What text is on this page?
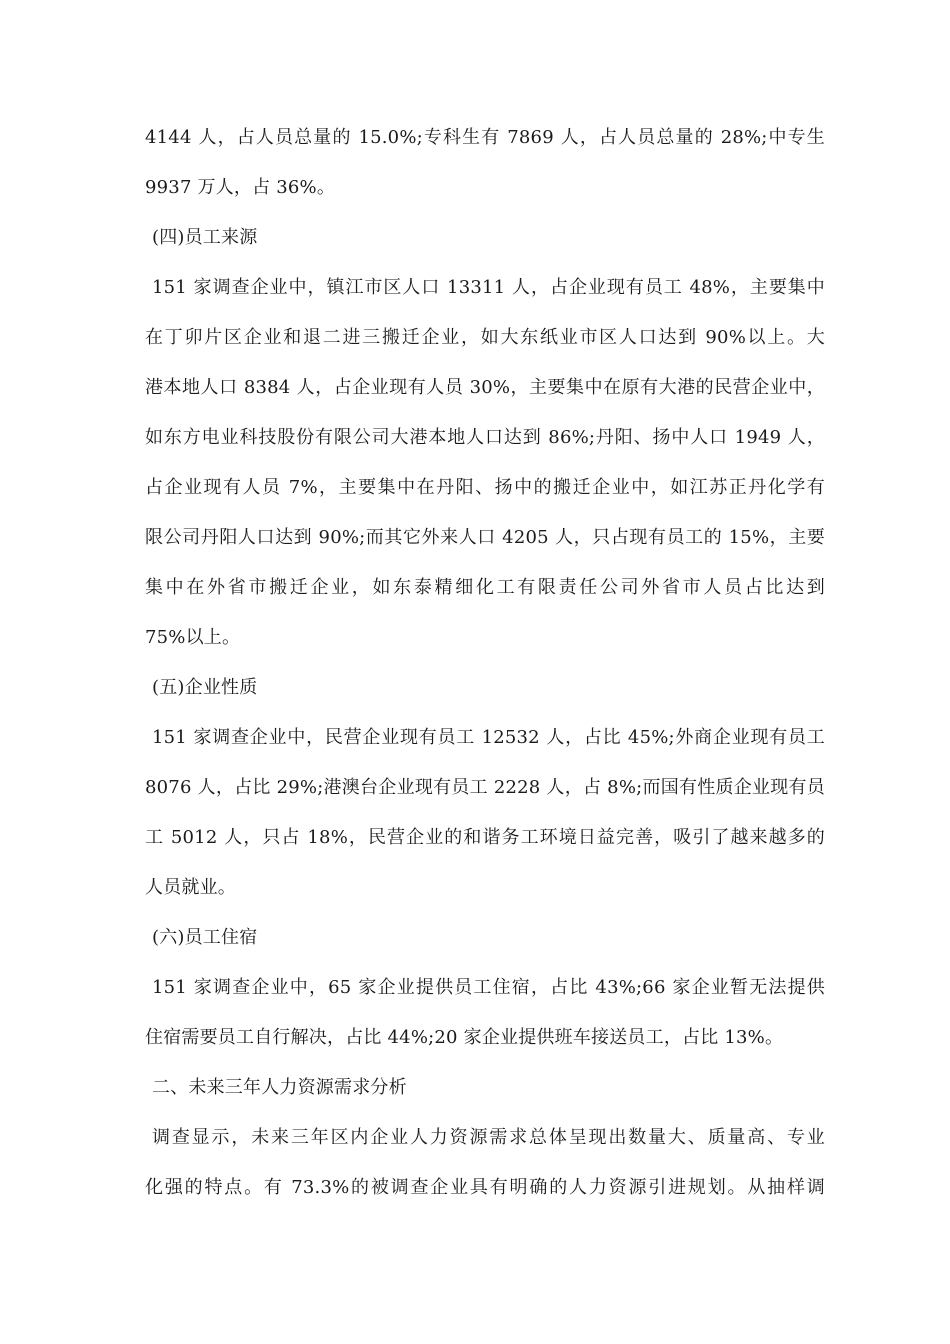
4144 人，占人员总量的 15.0%;专科生有 7869 人，占人员总量的 28%;中专生
9937 万人，占 36%。
(四)员工来源
151 家调查企业中，镇江市区人口 13311 人，占企业现有员工 48%，主要集中
在丁卯片区企业和退二进三搬迁企业，如大东纸业市区人口达到 90%以上。大
港本地人口 8384 人，占企业现有人员 30%，主要集中在原有大港的民营企业中，
如东方电业科技股份有限公司大港本地人口达到 86%;丹阳、扬中人口 1949 人，
占企业现有人员 7%，主要集中在丹阳、扬中的搬迁企业中，如江苏正丹化学有
限公司丹阳人口达到 90%;而其它外来人口 4205 人，只占现有员工的 15%，主要
集中在外省市搬迁企业，如东泰精细化工有限责任公司外省市人员占比达到
75%以上。
(五)企业性质
151 家调查企业中，民营企业现有员工 12532 人，占比 45%;外商企业现有员工
8076 人，占比 29%;港澳台企业现有员工 2228 人，占 8%;而国有性质企业现有员
工 5012 人，只占 18%，民营企业的和谐务工环境日益完善，吸引了越来越多的
人员就业。
(六)员工住宿
151 家调查企业中，65 家企业提供员工住宿，占比 43%;66 家企业暂无法提供
住宿需要员工自行解决，占比 44%;20 家企业提供班车接送员工，占比 13%。
二、未来三年人力资源需求分析
调查显示，未来三年区内企业人力资源需求总体呈现出数量大、质量高、专业
化强的特点。有 73.3%的被调查企业具有明确的人力资源引进规划。从抽样调
